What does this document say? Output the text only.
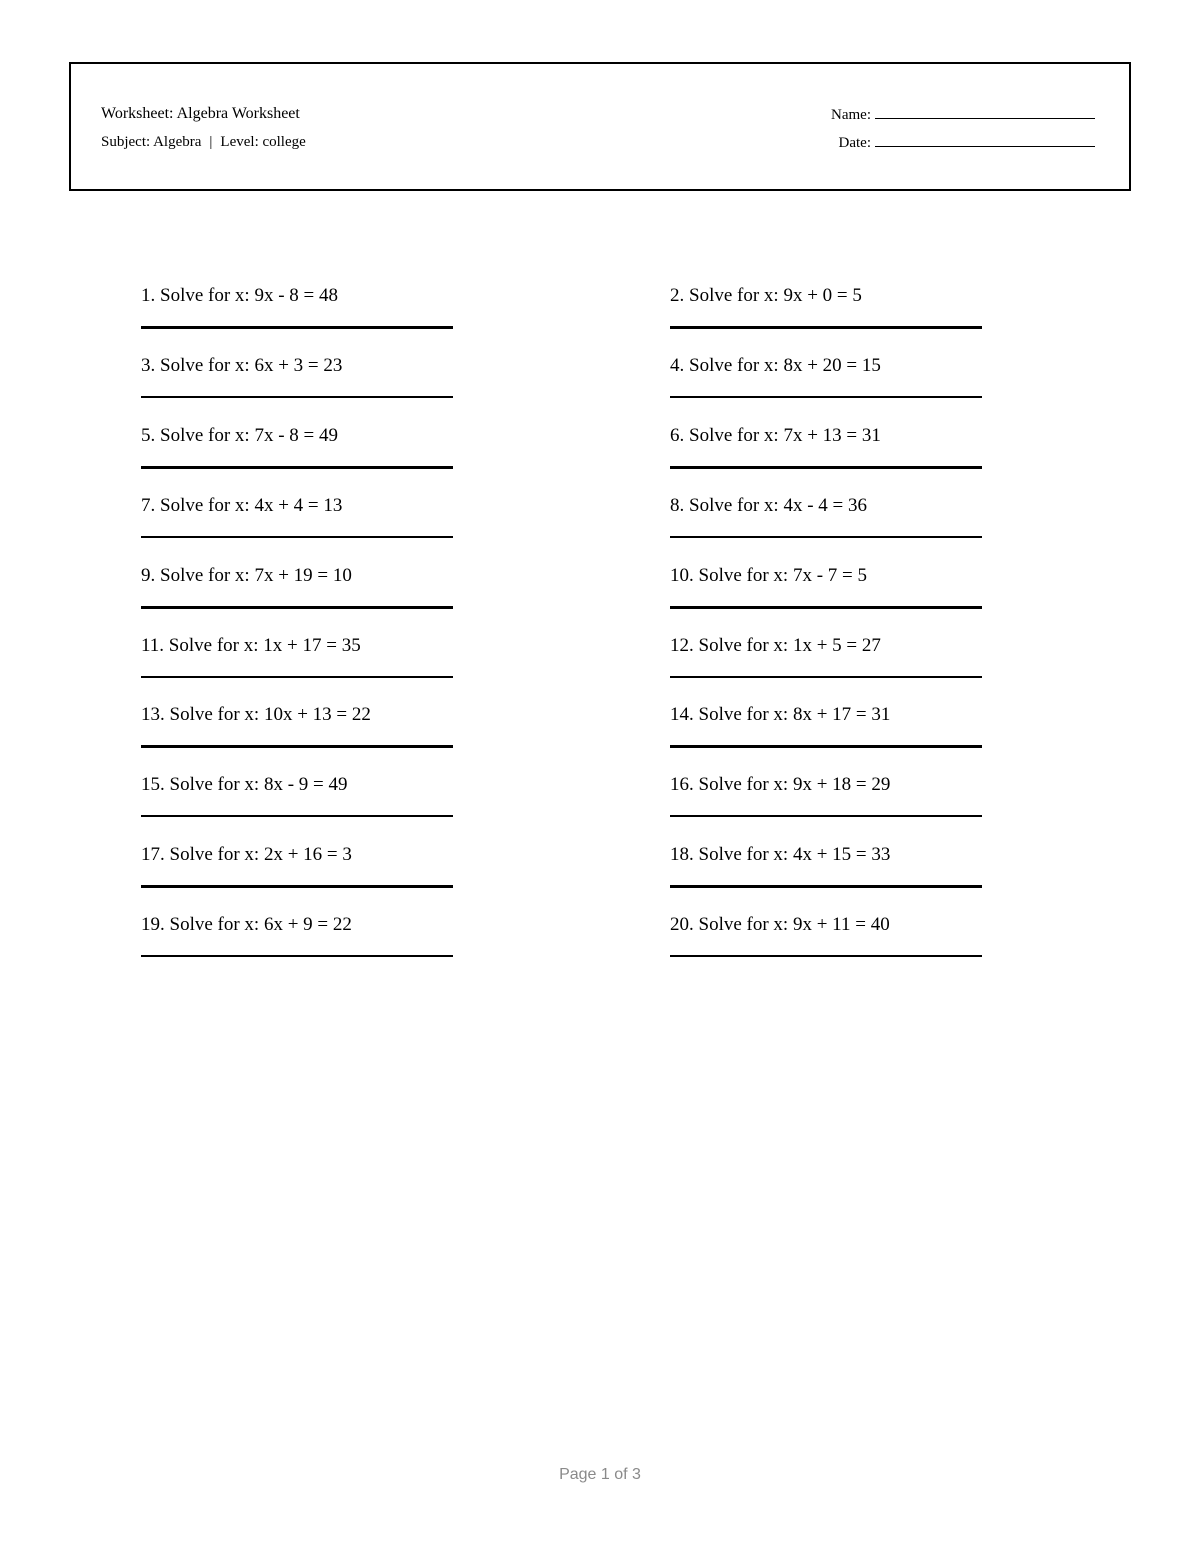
Worksheet: Algebra Worksheet
Subject: Algebra | Level: college
Name:
Date:
1. Solve for x: 9x - 8 = 48	2. Solve for x: 9x + 0 = 5
3. Solve for x: 6x + 3 = 23	4. Solve for x: 8x + 20 = 15
5. Solve for x: 7x - 8 = 49	6. Solve for x: 7x + 13 = 31
7. Solve for x: 4x + 4 = 13	8. Solve for x: 4x - 4 = 36
9. Solve for x: 7x + 19 = 10	10. Solve for x: 7x - 7 = 5
11. Solve for x: 1x + 17 = 35	12. Solve for x: 1x + 5 = 27
13. Solve for x: 10x + 13 = 22	14. Solve for x: 8x + 17 = 31
15. Solve for x: 8x - 9 = 49	16. Solve for x: 9x + 18 = 29
17. Solve for x: 2x + 16 = 3	18. Solve for x: 4x + 15 = 33
19. Solve for x: 6x + 9 = 22	20. Solve for x: 9x + 11 = 40
Page 1 of 3
